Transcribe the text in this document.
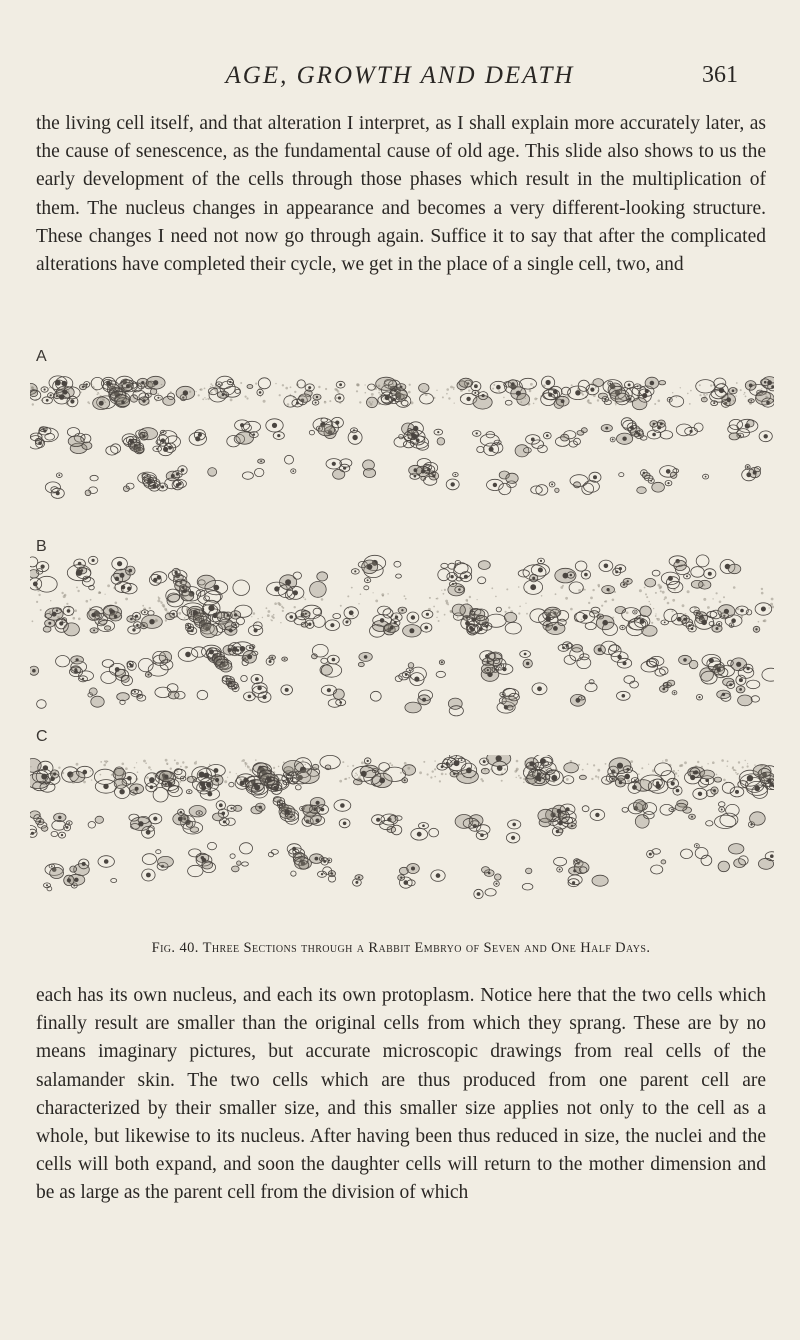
AGE, GROWTH AND DEATH	361

the living cell itself, and that alteration I interpret, as I shall explain more accurately later, as the cause of senescence, as the fundamental cause of old age. This slide also shows to us the early development of the cells through those phases which result in the multiplication of them. The nucleus changes in appearance and becomes a very different-looking structure. These changes I need not now go through again. Suffice it to say that after the complicated alterations have completed their cycle, we get in the place of a single cell, two, and

A
B
C
Fig. 40. Three Sections through a Rabbit Embryo of Seven and One Half Days.

each has its own nucleus, and each its own protoplasm. Notice here that the two cells which finally result are smaller than the original cells from which they sprang. These are by no means imaginary pictures, but accurate microscopic drawings from real cells of the salamander skin. The two cells which are thus produced from one parent cell are characterized by their smaller size, and this smaller size applies not only to the cell as a whole, but likewise to its nucleus. After having been thus reduced in size, the nuclei and the cells will both expand, and soon the daughter cells will return to the mother dimension and be as large as the parent cell from the division of which
